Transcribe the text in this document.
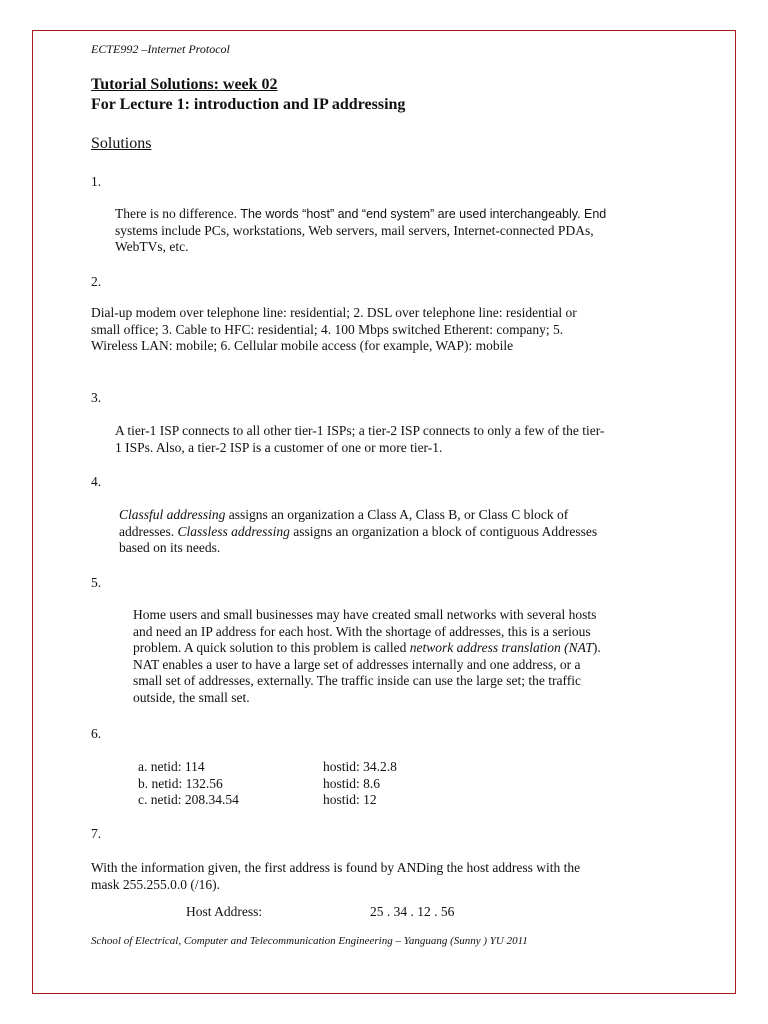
ECTE992 –Internet Protocol
Tutorial Solutions: week 02
For Lecture 1: introduction and IP addressing
Solutions
1.
There is no difference. The words “host” and “end system” are used interchangeably. End
systems include PCs, workstations, Web servers, mail servers, Internet-connected PDAs,
WebTVs, etc.
2.
Dial-up modem over telephone line: residential; 2. DSL over telephone line: residential or
small office; 3. Cable to HFC: residential; 4. 100 Mbps switched Etherent: company; 5.
Wireless LAN: mobile; 6. Cellular mobile access (for example, WAP): mobile
3.
A tier-1 ISP connects to all other tier-1 ISPs; a tier-2 ISP connects to only a few of the tier-
1 ISPs. Also, a tier-2 ISP is a customer of one or more tier-1.
4.
Classful addressing assigns an organization a Class A, Class B, or Class C block of
addresses. Classless addressing assigns an organization a block of contiguous Addresses
based on its needs.
5.
Home users and small businesses may have created small networks with several hosts
and need an IP address for each host. With the shortage of addresses, this is a serious
problem. A quick solution to this problem is called network address translation (NAT).
NAT enables a user to have a large set of addresses internally and one address, or a
small set of addresses, externally. The traffic inside can use the large set; the traffic
outside, the small set.
6.
a. netid: 114
b. netid: 132.56
c. netid: 208.34.54
hostid: 34.2.8
hostid: 8.6
hostid: 12
7.
With the information given, the first address is found by ANDing the host address with the
mask 255.255.0.0 (/16).
Host Address:	25 . 34 . 12 . 56
School of Electrical, Computer and Telecommunication Engineering – Yanguang (Sunny ) YU 2011
